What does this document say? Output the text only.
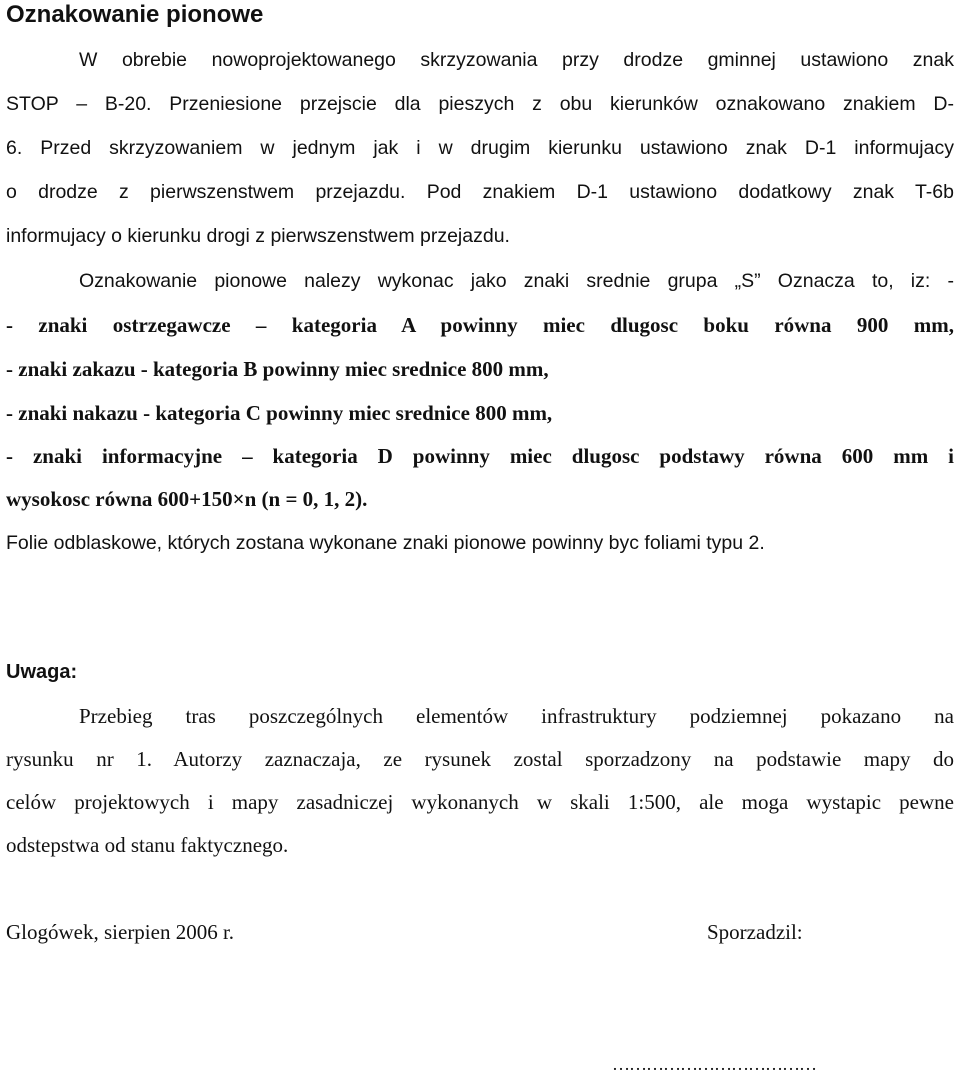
Oznakowanie pionowe
W obrebie nowoprojektowanego skrzyzowania przy drodze gminnej ustawiono znak
STOP – B-20. Przeniesione przejscie dla pieszych z obu kierunków oznakowano znakiem D-
6. Przed skrzyzowaniem w jednym jak i w drugim kierunku ustawiono znak D-1 informujacy
o drodze z pierwszenstwem przejazdu. Pod znakiem D-1 ustawiono dodatkowy znak T-6b
informujacy o kierunku drogi z pierwszenstwem przejazdu.
Oznakowanie pionowe nalezy wykonac jako znaki srednie grupa „S” Oznacza to, iz: -
- znaki ostrzegawcze – kategoria A powinny miec dlugosc boku równa 900 mm,
- znaki zakazu - kategoria B powinny miec srednice 800 mm,
- znaki nakazu - kategoria C powinny miec srednice 800 mm,
- znaki informacyjne – kategoria D powinny miec dlugosc podstawy równa 600 mm i
wysokosc równa 600+150×n (n = 0, 1, 2).
Folie odblaskowe, których zostana wykonane znaki pionowe powinny byc foliami typu 2.
Uwaga:
Przebieg tras poszczególnych elementów infrastruktury podziemnej pokazano na
rysunku nr 1. Autorzy zaznaczaja, ze rysunek zostal sporzadzony na podstawie mapy do
celów projektowych i mapy zasadniczej wykonanych w skali 1:500, ale moga wystapic pewne
odstepstwa od stanu faktycznego.
Glogówek, sierpien 2006 r.	Sporzadzil:
………………………………
